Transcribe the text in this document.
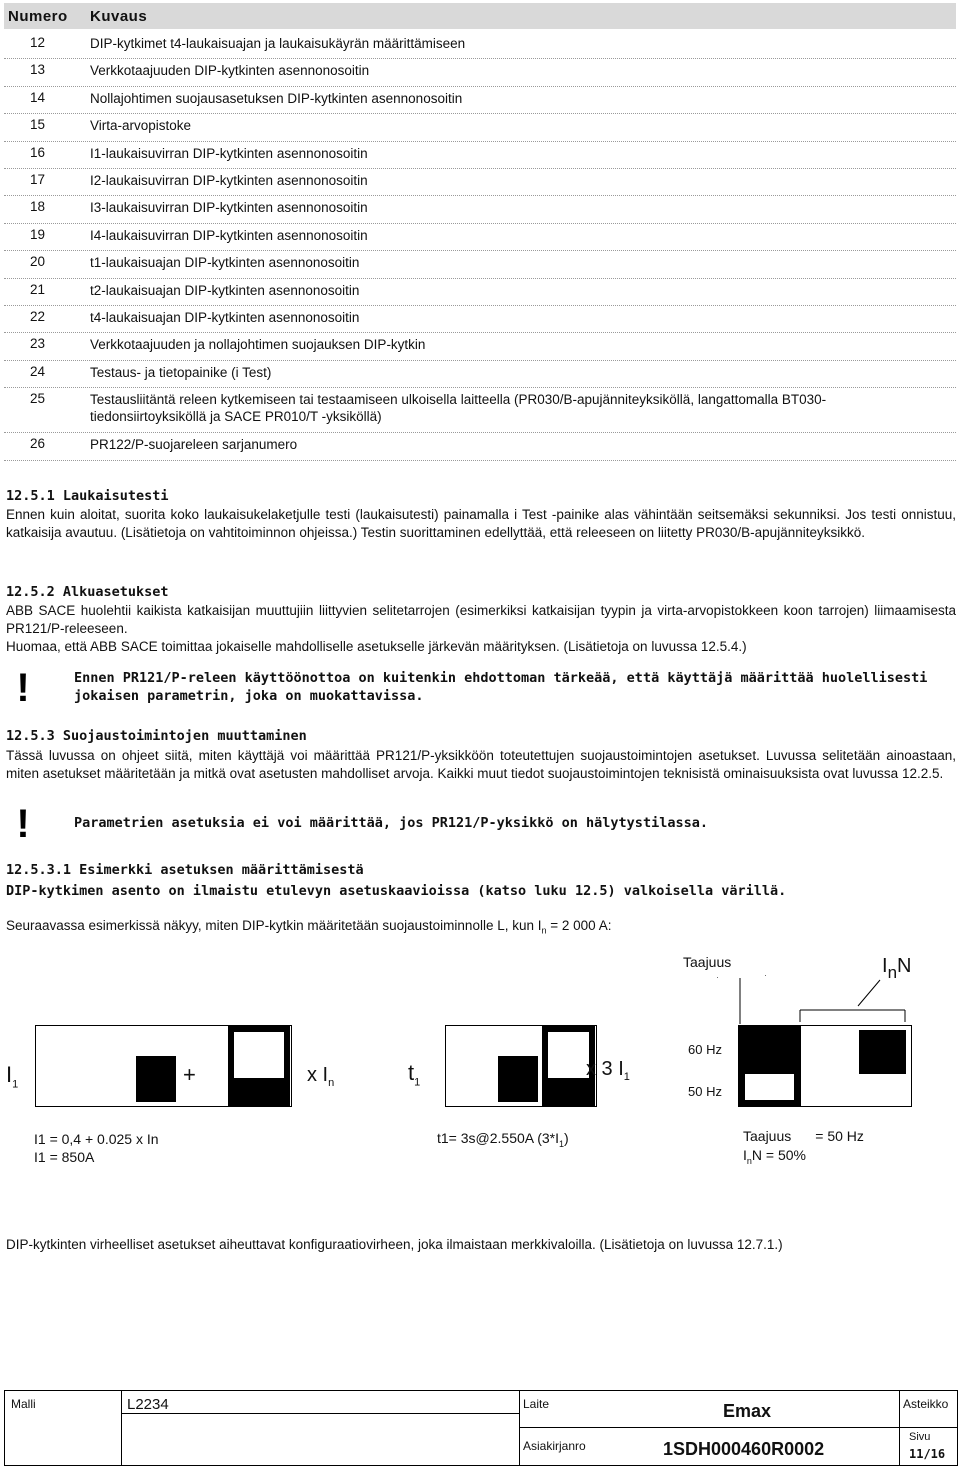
Numero Kuvaus
12	DIP-kytkimet t4-laukaisuajan ja laukaisukäyrän määrittämiseen
13	Verkkotaajuuden DIP-kytkinten asennonosoitin
14	Nollajohtimen suojausasetuksen DIP-kytkinten asennonosoitin
15	Virta-arvopistoke
16	I1-laukaisuvirran DIP-kytkinten asennonosoitin
17	I2-laukaisuvirran DIP-kytkinten asennonosoitin
18	I3-laukaisuvirran DIP-kytkinten asennonosoitin
19	I4-laukaisuvirran DIP-kytkinten asennonosoitin
20	t1-laukaisuajan DIP-kytkinten asennonosoitin
21	t2-laukaisuajan DIP-kytkinten asennonosoitin
22	t4-laukaisuajan DIP-kytkinten asennonosoitin
23	Verkkotaajuuden ja nollajohtimen suojauksen DIP-kytkin
24	Testaus- ja tietopainike (i Test)
25	Testausliitäntä releen kytkemiseen tai testaamiseen ulkoisella laitteella (PR030/B-apujänniteyksiköllä, langattomalla BT030-tiedonsiirtoyksiköllä ja SACE PR010/T -yksiköllä)
26	PR122/P-suojareleen sarjanumero
12.5.1 Laukaisutesti
Ennen kuin aloitat, suorita koko laukaisukelaketjulle testi (laukaisutesti) painamalla i Test -painike alas vähintään seitsemäksi sekunniksi. Jos testi onnistuu, katkaisija avautuu. (Lisätietoja on vahtitoiminnon ohjeissa.) Testin suorittaminen edellyttää, että releeseen on liitetty PR030/B-apujänniteyksikkö.
12.5.2 Alkuasetukset
ABB SACE huolehtii kaikista katkaisijan muuttujiin liittyvien selitetarrojen (esimerkiksi katkaisijan tyypin ja virta-arvopistokkeen koon tarrojen) liimaamisesta PR121/P-releeseen.
Huomaa, että ABB SACE toimittaa jokaiselle mahdolliselle asetukselle järkevän määrityksen. (Lisätietoja on luvussa 12.5.4.)
!	Ennen PR121/P-releen käyttöönottoa on kuitenkin ehdottoman tärkeää, että käyttäjä määrittää huolellisesti jokaisen parametrin, joka on muokattavissa.
12.5.3 Suojaustoimintojen muuttaminen
Tässä luvussa on ohjeet siitä, miten käyttäjä voi määrittää PR121/P-yksikköön toteutettujen suojaustoimintojen asetukset. Luvussa selitetään ainoastaan, miten asetukset määritetään ja mitkä ovat asetusten mahdolliset arvoja. Kaikki muut tiedot suojaustoimintojen teknisistä ominaisuuksista ovat luvussa 12.2.5.
!	Parametrien asetuksia ei voi määrittää, jos PR121/P-yksikkö on hälytystilassa.
12.5.3.1 Esimerkki asetuksen määrittämisestä
DIP-kytkimen asento on ilmaistu etulevyn asetuskaavioissa (katso luku 12.5) valkoisella värillä.
Seuraavassa esimerkissä näkyy, miten DIP-kytkin määritetään suojaustoiminnolle L, kun $I_n = 2$ 000 A:
Taajuus
·	·	$I_nN$
$I_1$	+	x $I_n$	$t_1$
x 3 $I_1$
60 Hz
50 Hz
I1 = 0,4 + 0.025 x In
I1 = 850A
t1= 3s@2.550A $(3*I_1)$	Taajuus = 50 Hz
$I_nN = 50\%$
DIP-kytkinten virheelliset asetukset aiheuttavat konfiguraatiovirheen, joka ilmaistaan merkkivaloilla. (Lisätietoja on luvussa 12.7.1.)
Malli	L2234	Laite	Emax	Asteikko
Asiakirjanro	1SDH000460R0002
Sivu
11/16
